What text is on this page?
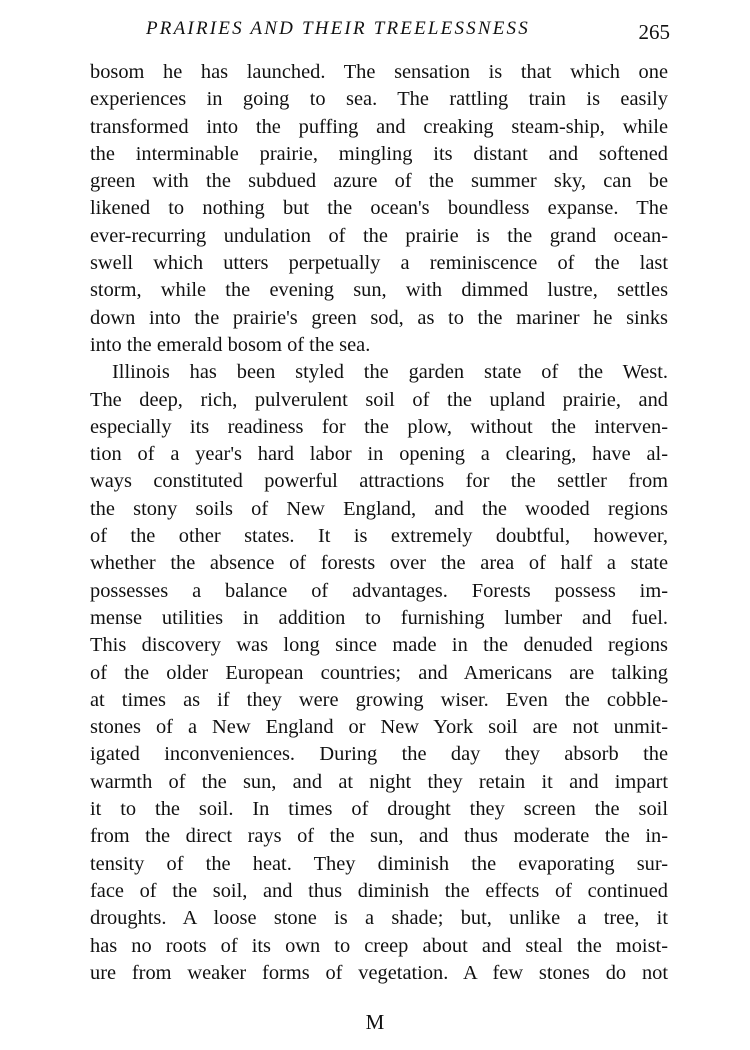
PRAIRIES AND THEIR TREELESSNESS	265
bosom he has launched. The sensation is that which one
experiences in going to sea. The rattling train is easily
transformed into the puffing and creaking steam-ship, while
the interminable prairie, mingling its distant and softened
green with the subdued azure of the summer sky, can be
likened to nothing but the ocean's boundless expanse. The
ever-recurring undulation of the prairie is the grand ocean-
swell which utters perpetually a reminiscence of the last
storm, while the evening sun, with dimmed lustre, settles
down into the prairie's green sod, as to the mariner he sinks
into the emerald bosom of the sea.
Illinois has been styled the garden state of the West.
The deep, rich, pulverulent soil of the upland prairie, and
especially its readiness for the plow, without the interven-
tion of a year's hard labor in opening a clearing, have al-
ways constituted powerful attractions for the settler from
the stony soils of New England, and the wooded regions
of the other states. It is extremely doubtful, however,
whether the absence of forests over the area of half a state
possesses a balance of advantages. Forests possess im-
mense utilities in addition to furnishing lumber and fuel.
This discovery was long since made in the denuded regions
of the older European countries; and Americans are talking
at times as if they were growing wiser. Even the cobble-
stones of a New England or New York soil are not unmit-
igated inconveniences. During the day they absorb the
warmth of the sun, and at night they retain it and impart
it to the soil. In times of drought they screen the soil
from the direct rays of the sun, and thus moderate the in-
tensity of the heat. They diminish the evaporating sur-
face of the soil, and thus diminish the effects of continued
droughts. A loose stone is a shade; but, unlike a tree, it
has no roots of its own to creep about and steal the moist-
ure from weaker forms of vegetation. A few stones do not
M
